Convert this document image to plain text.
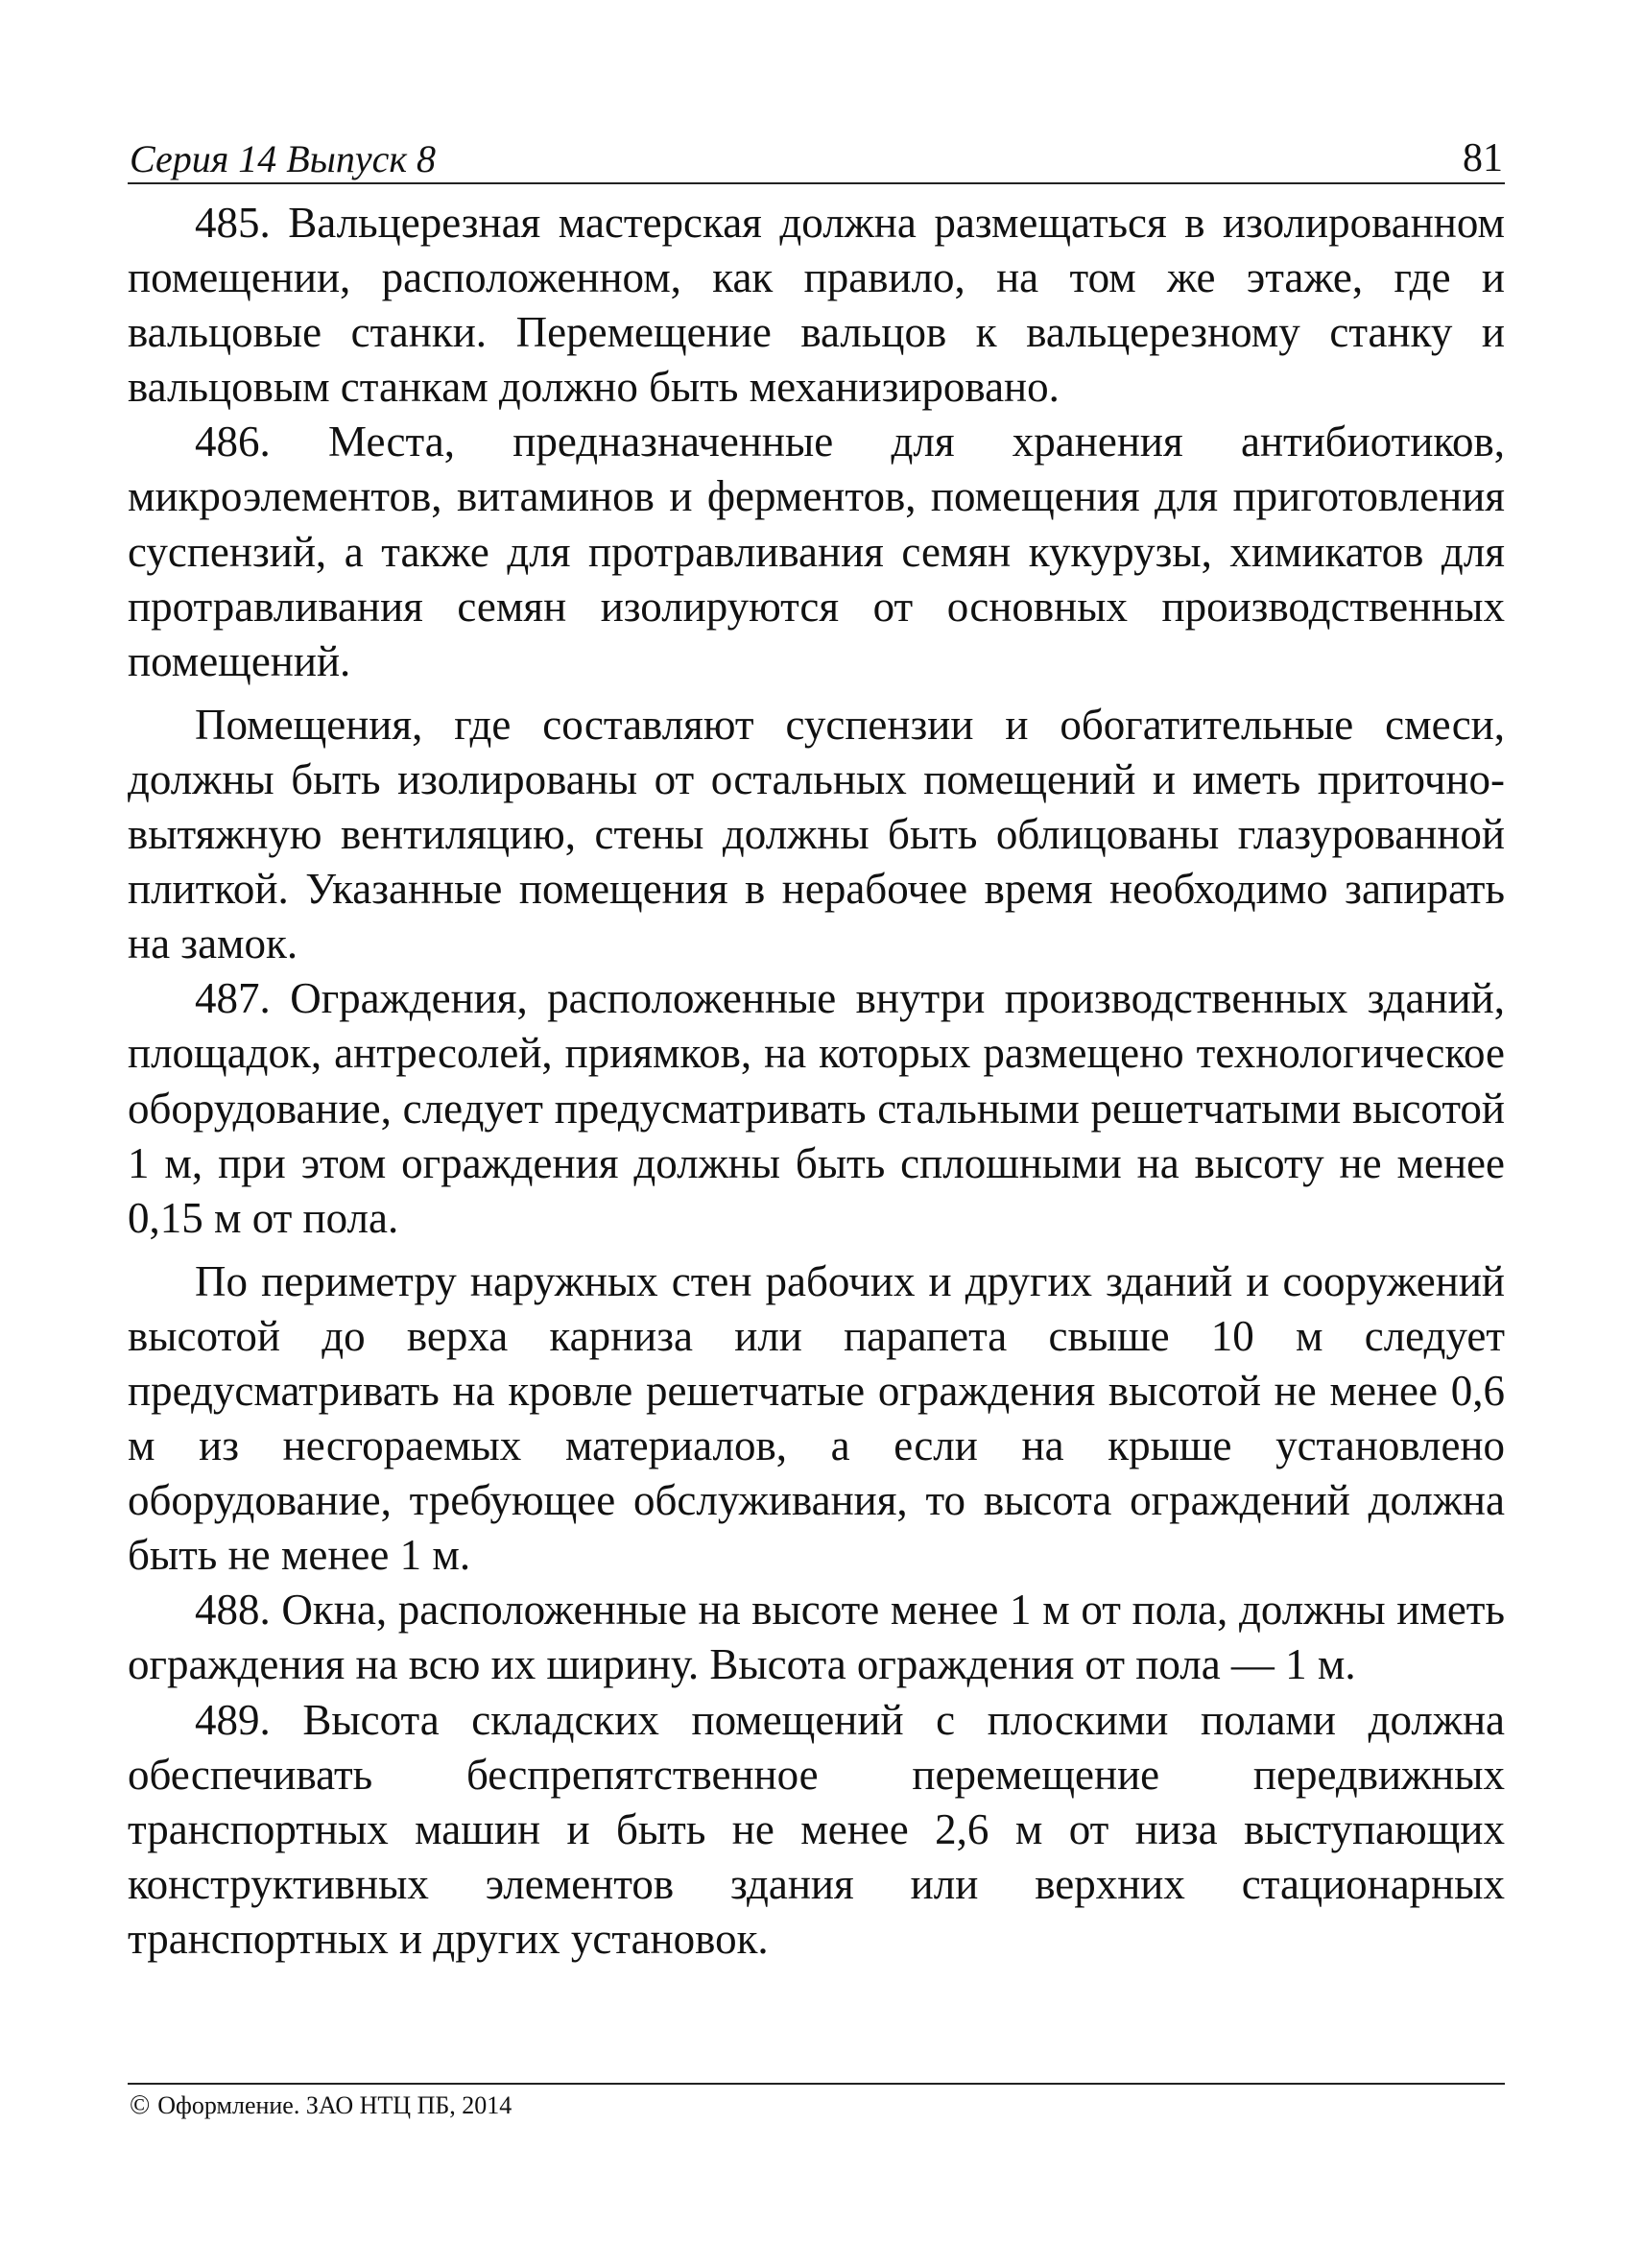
Серия 14 Выпуск 8	81

485. Вальцерезная мастерская должна размещаться в изолированном помещении, расположенном, как правило, на том же этаже, где и вальцовые станки. Перемещение вальцов к вальцерезному станку и вальцовым станкам должно быть механизировано.

486. Места, предназначенные для хранения антибиотиков, микроэлементов, витаминов и ферментов, помещения для приготовления суспензий, а также для протравливания семян кукурузы, химикатов для протравливания семян изолируются от основных производственных помещений.

Помещения, где составляют суспензии и обогатительные смеси, должны быть изолированы от остальных помещений и иметь приточно-вытяжную вентиляцию, стены должны быть облицованы глазурованной плиткой. Указанные помещения в нерабочее время необходимо запирать на замок.

487. Ограждения, расположенные внутри производственных зданий, площадок, антресолей, приямков, на которых размещено технологическое оборудование, следует предусматривать стальными решетчатыми высотой 1 м, при этом ограждения должны быть сплошными на высоту не менее 0,15 м от пола.

По периметру наружных стен рабочих и других зданий и сооружений высотой до верха карниза или парапета свыше 10 м следует предусматривать на кровле решетчатые ограждения высотой не менее 0,6 м из несгораемых материалов, а если на крыше установлено оборудование, требующее обслуживания, то высота ограждений должна быть не менее 1 м.

488. Окна, расположенные на высоте менее 1 м от пола, должны иметь ограждения на всю их ширину. Высота ограждения от пола — 1 м.

489. Высота складских помещений с плоскими полами должна обеспечивать беспрепятственное перемещение передвижных транспортных машин и быть не менее 2,6 м от низа выступающих конструктивных элементов здания или верхних стационарных транспортных и других установок.

© Оформление. ЗАО НТЦ ПБ, 2014
